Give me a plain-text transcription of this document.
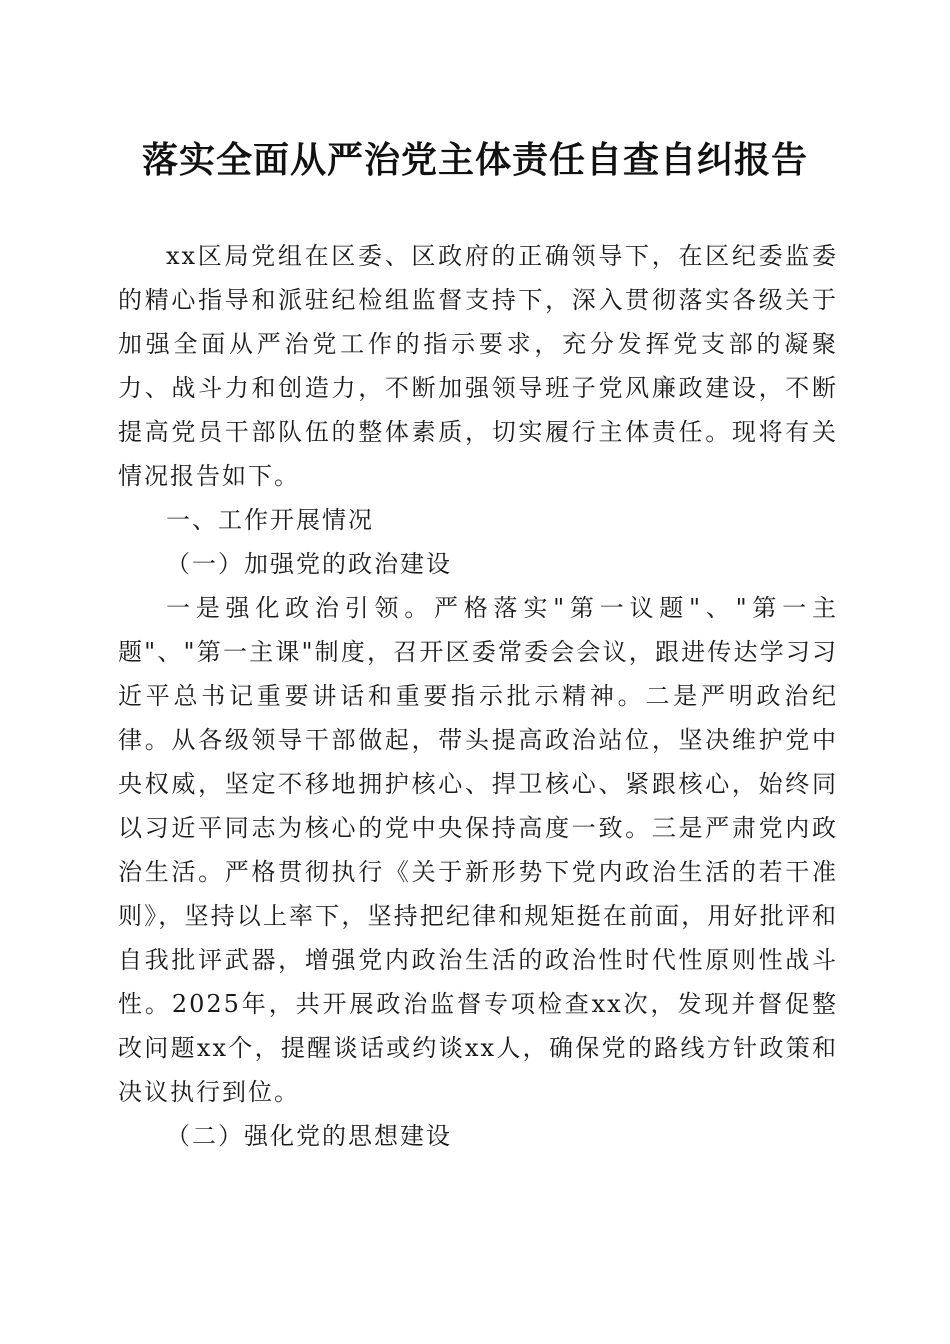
落实全面从严治党主体责任自查自纠报告

xx区局党组在区委、区政府的正确领导下，在区纪委监委的精心指导和派驻纪检组监督支持下，深入贯彻落实各级关于加强全面从严治党工作的指示要求，充分发挥党支部的凝聚力、战斗力和创造力，不断加强领导班子党风廉政建设，不断提高党员干部队伍的整体素质，切实履行主体责任。现将有关情况报告如下。

一、工作开展情况

（一）加强党的政治建设

一是强化政治引领。严格落实"第一议题"、"第一主题"、"第一主课"制度，召开区委常委会会议，跟进传达学习习近平总书记重要讲话和重要指示批示精神。二是严明政治纪律。从各级领导干部做起，带头提高政治站位，坚决维护党中央权威，坚定不移地拥护核心、捍卫核心、紧跟核心，始终同以习近平同志为核心的党中央保持高度一致。三是严肃党内政治生活。严格贯彻执行《关于新形势下党内政治生活的若干准则》，坚持以上率下，坚持把纪律和规矩挺在前面，用好批评和自我批评武器，增强党内政治生活的政治性时代性原则性战斗性。2025年，共开展政治监督专项检查xx次，发现并督促整改问题xx个，提醒谈话或约谈xx人，确保党的路线方针政策和决议执行到位。

（二）强化党的思想建设
